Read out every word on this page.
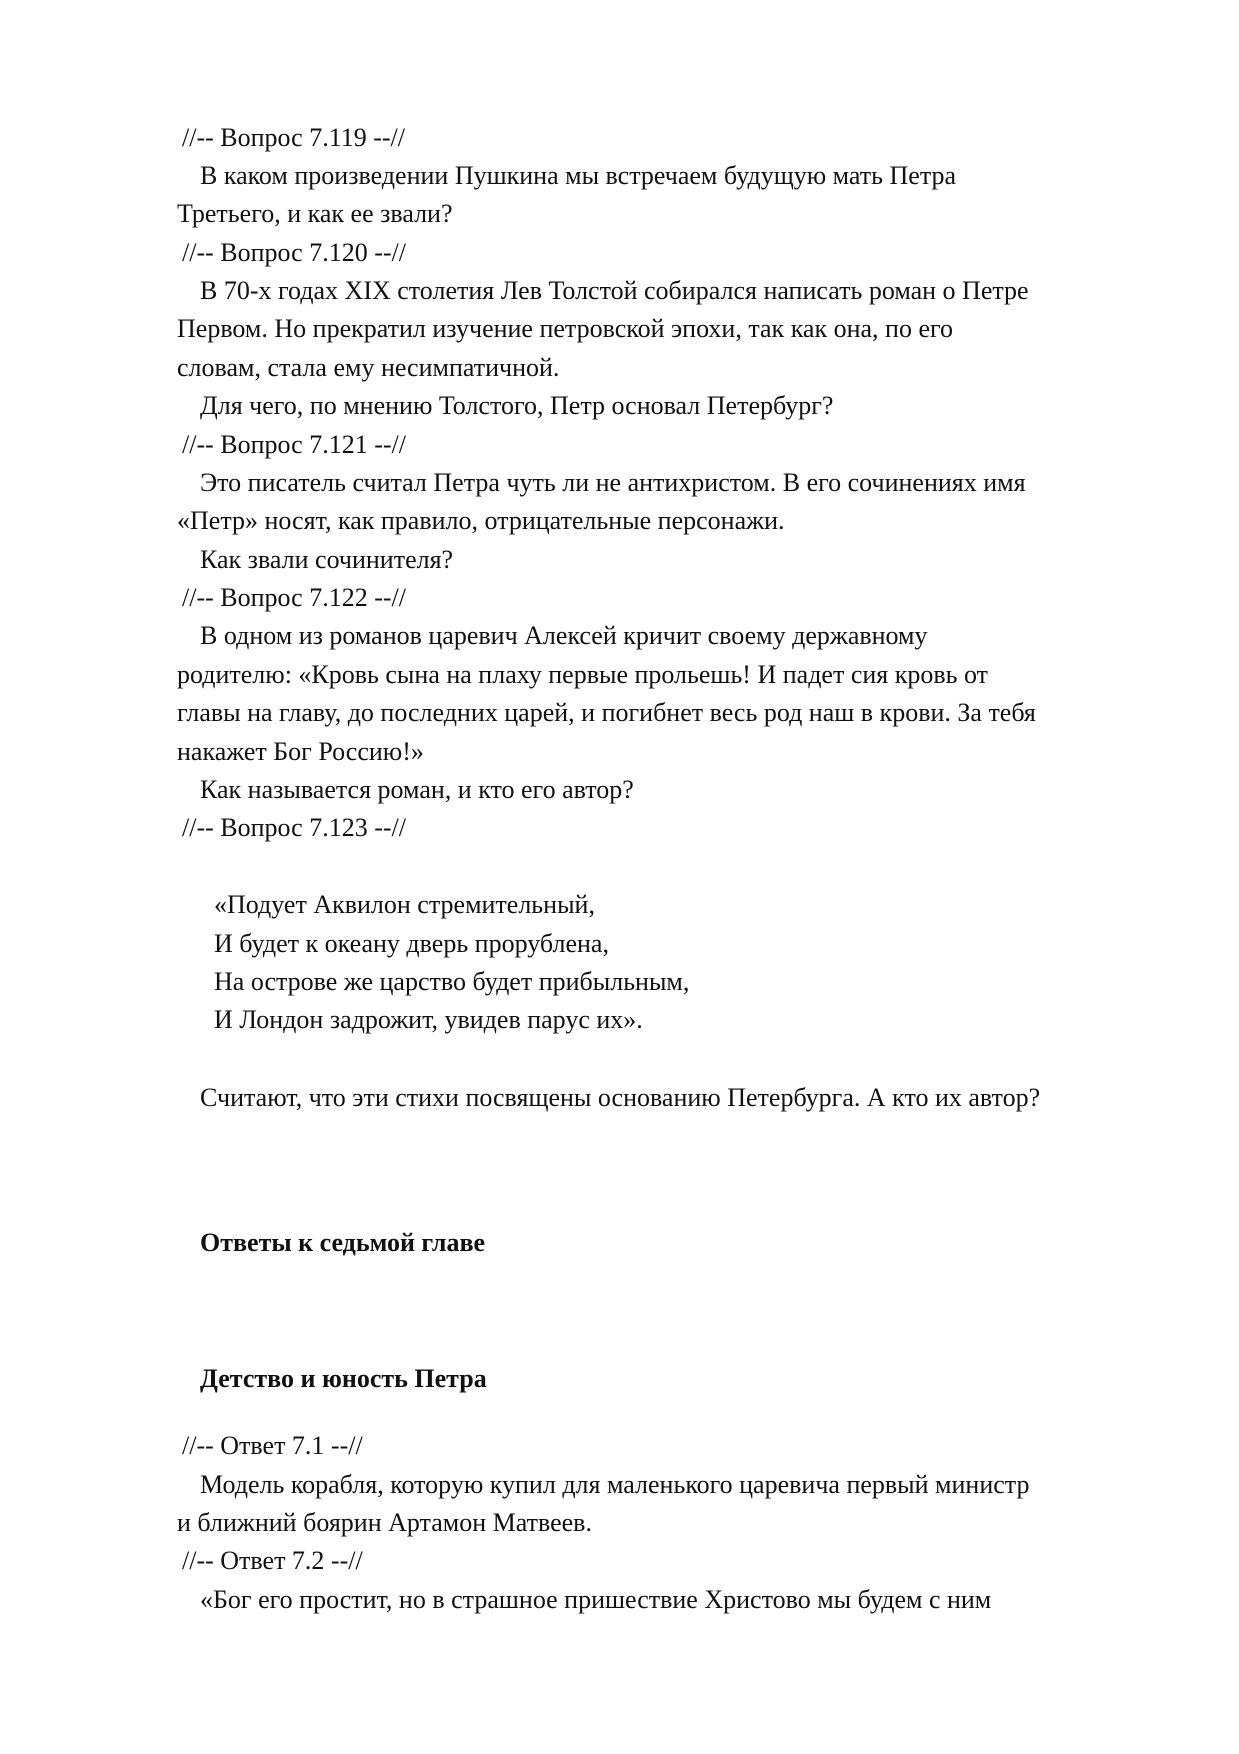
//-- Вопрос 7.119 --//
В каком произведении Пушкина мы встречаем будущую мать Петра
Третьего, и как ее звали?
//-- Вопрос 7.120 --//
В 70-х годах XIX столетия Лев Толстой собирался написать роман о Петре
Первом. Но прекратил изучение петровской эпохи, так как она, по его
словам, стала ему несимпатичной.
Для чего, по мнению Толстого, Петр основал Петербург?
//-- Вопрос 7.121 --//
Это писатель считал Петра чуть ли не антихристом. В его сочинениях имя
«Петр» носят, как правило, отрицательные персонажи.
Как звали сочинителя?
//-- Вопрос 7.122 --//
В одном из романов царевич Алексей кричит своему державному
родителю: «Кровь сына на плаху первые прольешь! И падет сия кровь от
главы на главу, до последних царей, и погибнет весь род наш в крови. За тебя
накажет Бог Россию!»
Как называется роман, и кто его автор?
//-- Вопрос 7.123 --//
«Подует Аквилон стремительный,
И будет к океану дверь прорублена,
На острове же царство будет прибыльным,
И Лондон задрожит, увидев парус их».
Считают, что эти стихи посвящены основанию Петербурга. А кто их автор?
Ответы к седьмой главе
Детство и юность Петра
//-- Ответ 7.1 --//
Модель корабля, которую купил для маленького царевича первый министр
и ближний боярин Артамон Матвеев.
//-- Ответ 7.2 --//
«Бог его простит, но в страшное пришествие Христово мы будем с ним
